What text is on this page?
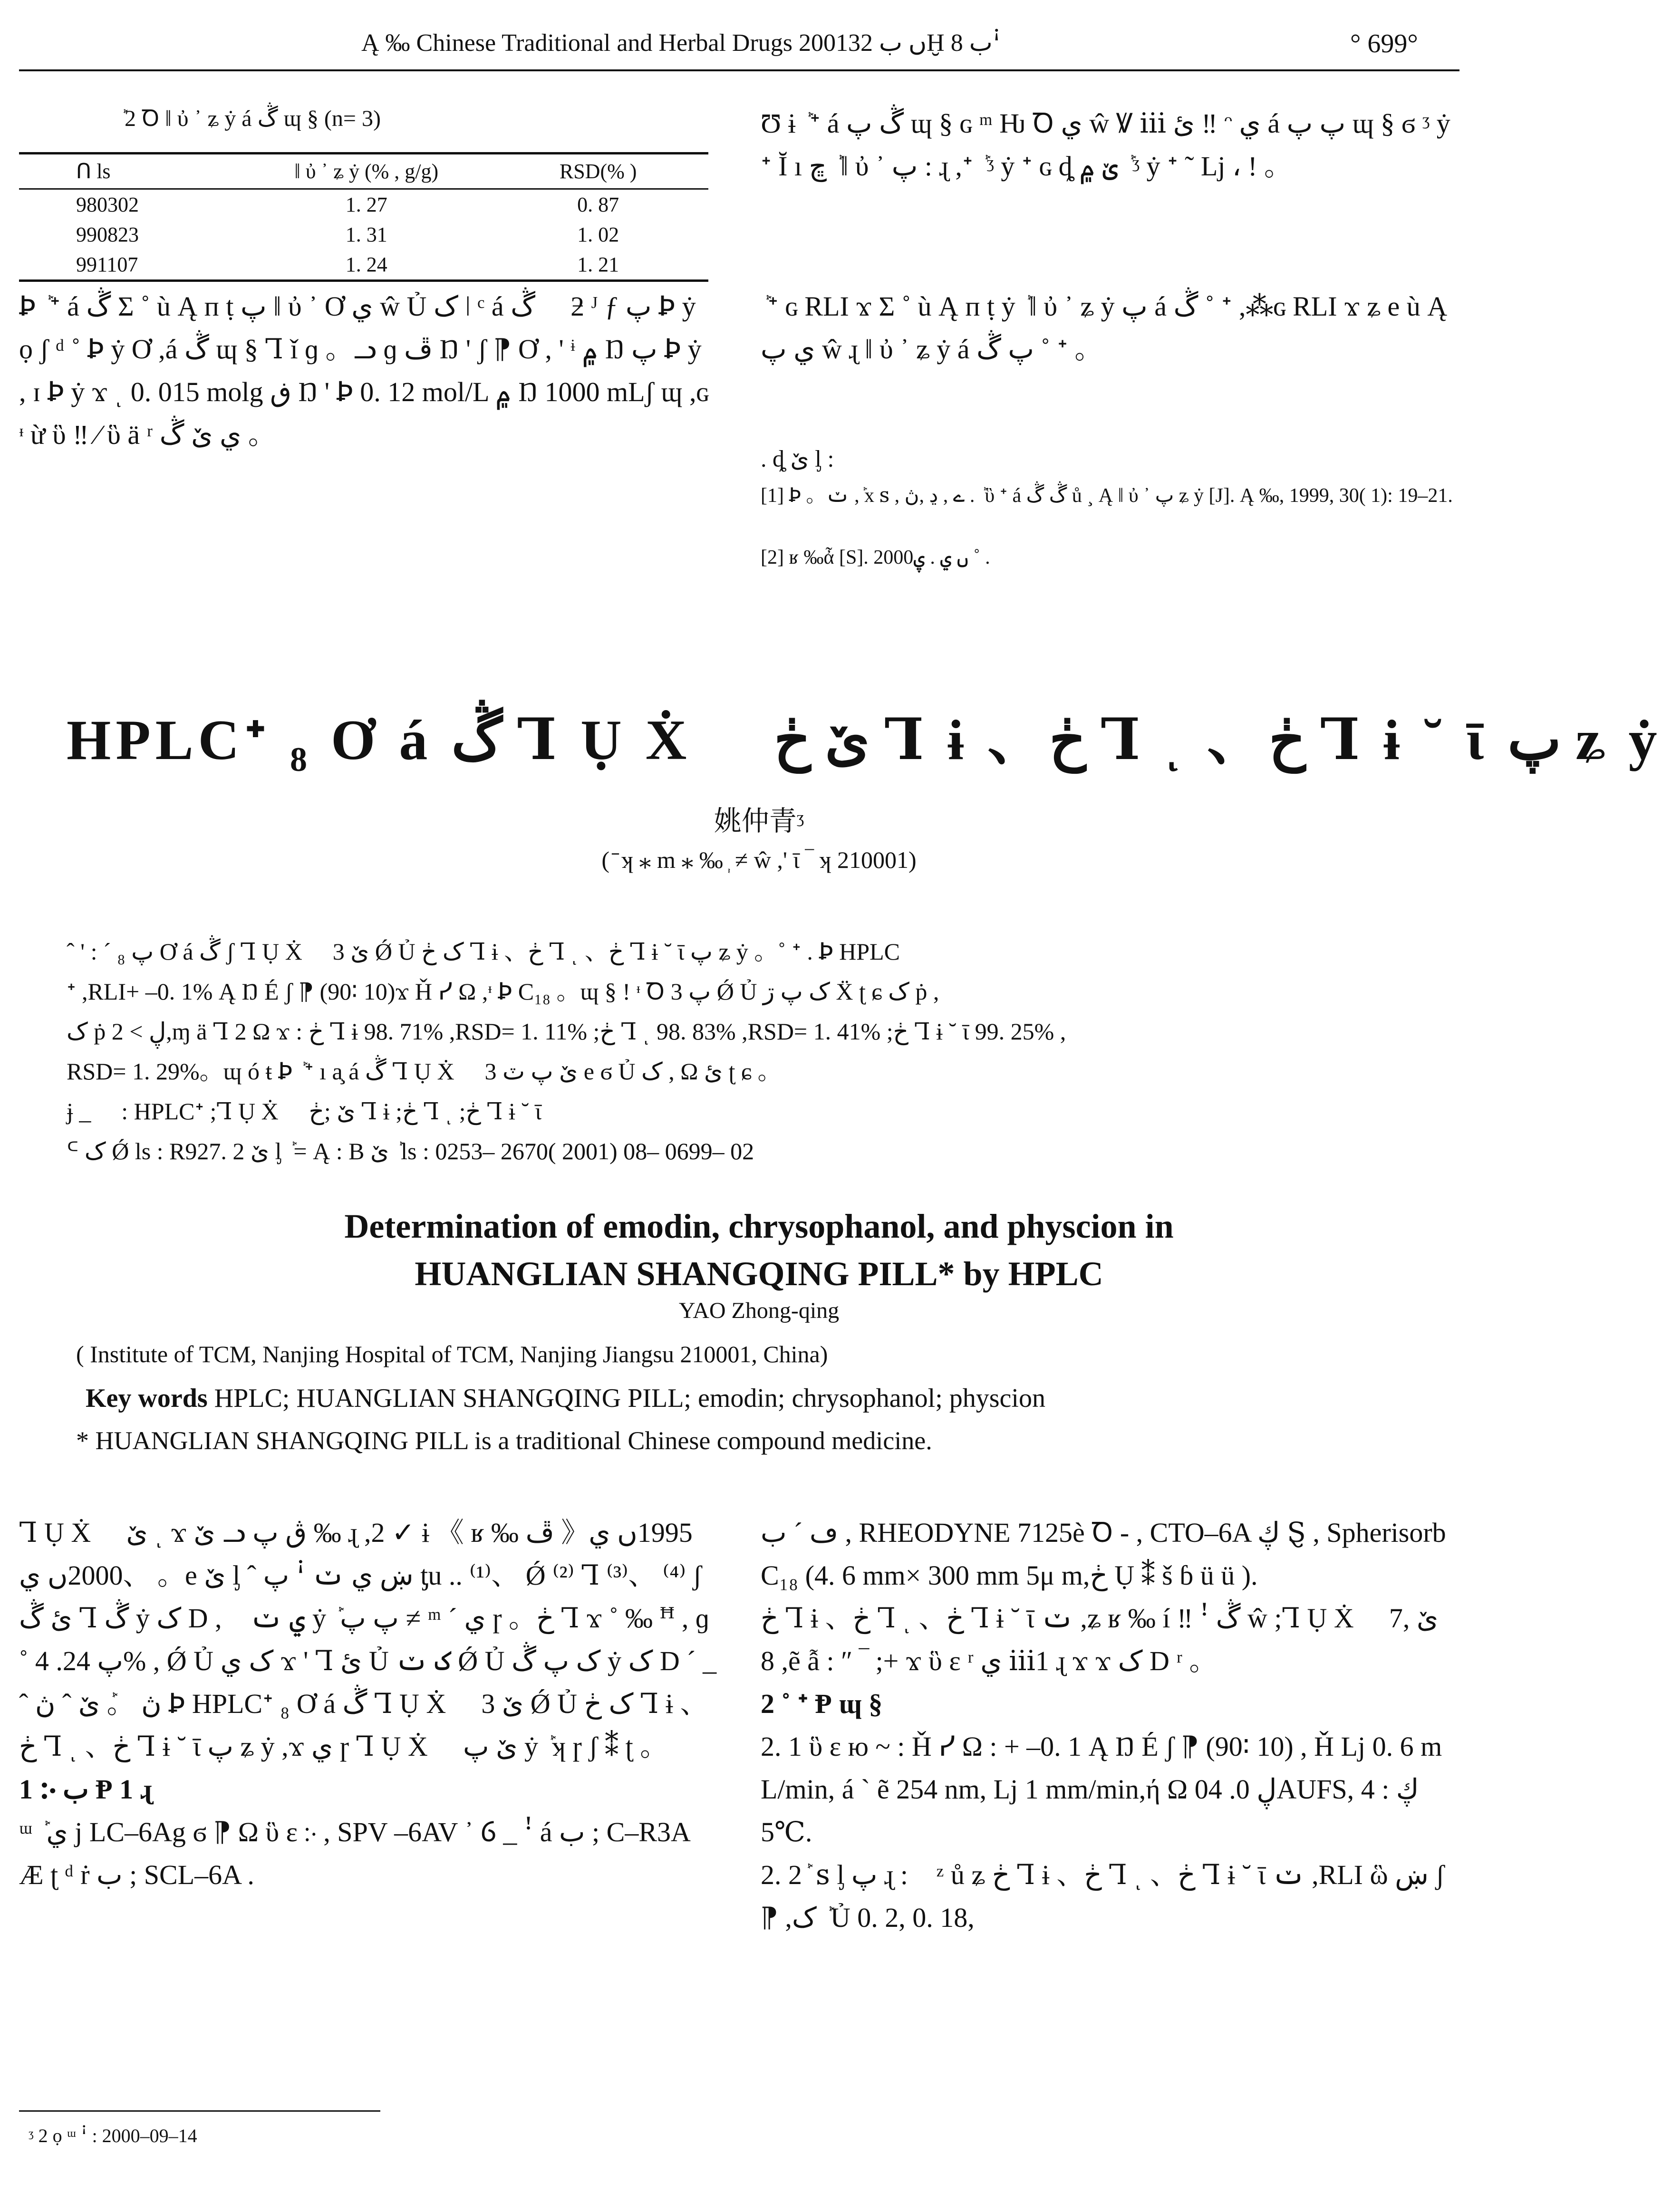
Ą ‰ Chinese Traditional and Herbal Drugs 2001ں ب 32Ḫ ب 8ꜞ	° 699°
ܰ 2 Ꝺ ǁ ὐ ᾿ ʑ ẏ á ڴ ɰ § (n= 3)
ꓵ ls	ǁ ὐ ᾿ ʑ ẏ (% , g/g)	RSD(% )
980302	1. 27	0. 87
990823	1. 31	1. 02
991107	1. 24	1. 21
Ꝧ ܰ ᐩ á ڴ Σ ˚ ù Ą ᴨ ṭ پ ǁ ὐ ᾿ Ơ ي ŵ Ủ ک ǀ ᶜ á ڴ ᷞ ƻ ᴶ ƒ پ Ꝧ ẏ ọ ʃ ᵈ ˚ Ꝧ ẏ Ơ ,á ڴ ɰ § Ꞁ ǐ ɡ 。ᓗ ɡ ڦ Ŋ ' ʃ ⁋ Ơ , ' ᶤ ۾ Ŋ پ Ꝧ ẏ , ɪ Ꝧ ẏ ϫ ͺ 0. 015 molg ڧ Ŋ ' Ꝧ 0. 12 mol/L ۾ Ŋ 1000 mLʃ ɰ ,ɢ ᶧ ừ ὓ ‼ ⁄ ὓ ä ʳ ي ێ ڴ 。
Ʊ ɨ ܰ ᐩ á ڴ پ ɰ § ɢ ᵐ Ƕ Ꝺ ي ŵ Ꝟ ⅲ ئ ‼ ᵔ ي á پ پ ɰ § ϭ ᶾ ẏ ᐩ Ĭ ı ڇ ܰ ǁ ὐ ᾿ پ : ɻ ,ᐩ ܰ ᶾ ẏ ᐩ ɢ ȡ ێ ۾ ܰ ᶾ ẏ ᐩ ˜ ǈ ، ! 。
ܰ ᐩ ɢ RLI ϫ Σ ˚ ù Ą ᴨ ṭ ẏ ܰ ǁ ὐ ᾿ ʑ ẏ پ á ڴ ˚ ᐩ ,⁂ɢ RLI ϫ ʑ e ù Ą ي پ ŵ ɻ ǁ ὐ ᾿ ʑ ẏ á پ ڴ ˚ ᐩ 。
. ȡ ێ ᶅ :
[1] Ꝧ 。ݖ ,ܰ x ꜱ , ے , ڍ ,ڽ . ܰ ὓ ᐩ á ڴ ڴ ů ¸ Ą ǁ ὐ ᾿ پ ʑ ẏ [J]. Ą ‰, 1999, 30( 1): 19–21.
[2] ʁ ‰ἆ [S]. 2000ں ي . ۑ ˚ .
HPLCᐩ ₈ Ơ á ڴ Ꞁ Ụ Ẋ ᷞ ێ ڂ Ꞁ ɨ 、ڂ Ꞁ ͺ 、ڂ Ꞁ ɨ ˘ ῑ پ ʑ ẏ
姚仲青ᶾ
( ̄ ʞ ⁎ m ⁎ ‰ ᷂ ≠ ŵ ,' ῑ ‾ ʞ 210001)
ˆ ' : ˊ پ ₈ Ơ á ڴ ʃ Ꞁ Ụ Ẋ ᷞ ێ 3 Ǿ Ủ ک ڂ Ꞁ ɨ 、ڂ Ꞁ ͺ 、ڂ Ꞁ ɨ ˘ ῑ پ ʑ ẏ 。˚ ᐩ . Ꝧ HPLC
ᐩ ,RLI+ –0. 1% Ą Ŋ É ʃ ⁋ (90∶ 10)ϫ Ȟ ᓯ Ω ,ᶧ Ꝧ C₁₈ 。ɰ § ! ᶧ Ꝺ پ 3 Ǿ Ủ ک پ ڗ Ẍ ʈ ɕ ک ṗ ,
ک ṗ ڸ > 2,ɱ ä Ꞁ 2 Ω ϫ : ڂ Ꞁ ɨ 98. 71% ,RSD= 1. 11% ;ڂ Ꞁ ͺ 98. 83% ,RSD= 1. 41% ;ڂ Ꞁ ɨ ˘ ῑ 99. 25% ,
RSD= 1. 29%。ɰ ó ŧ Ꝧ ܰ ᐩ ı a̧ á ڴ Ꞁ Ụ Ẋ ᷞ ێ پ ٽ 3 e ϭ Ủ ک , Ω ئ ʈ ɕ 。
ɉ _ ᷞ : HPLCᐩ ;Ꞁ Ụ Ẋ ᷞ ێ ;ڂ Ꞁ ɨ ;ڂ Ꞁ ͺ ;ڂ Ꞁ ɨ ˘ ῑ
ᒼ ک Ǿ ls : R927. 2 ێ ᶅ ܰ = Ą : B ێ ܰ ls : 0253– 2670( 2001) 08– 0699– 02
Determination of emodin, chrysophanol, and physcion in
HUANGLIAN SHANGQING PILL* by HPLC
YAO Zhong-qing
( Institute of TCM, Nanjing Hospital of TCM, Nanjing Jiangsu 210001, China)
Key words HPLC; HUANGLIAN SHANGQING PILL; emodin; chrysophanol; physcion
* HUANGLIAN SHANGQING PILL is a traditional Chinese compound medicine.
Ꞁ Ụ Ẋ ᷞ ێ ͺ ϫ ێ ᓗ ڨ پ ‰ ɻ ,2 ✓ ɨ 《 ʁ ‰ ڦ 》1995ں ي 、2000ں ي 。e ێ ᶅ ˆ ښ ي ݖ ꜞ پ ƫu .. ⁽¹⁾、 Ǿ ⁽²⁾ Ꞁ ⁽³⁾、 ⁽⁴⁾ ʃ ئ ڴ Ꞁ ڴ ẏ ک D ,ᷞ ي ݖ ẏ ܰ پ پ ≠ ᵐ ˊ ي ɼ 。ڂ Ꞁ ϫ ˚ ‰ ꟸ , ɡ ˚ پ 24. 4% , Ǿ Ủ ک ي ϫ ' Ꞁ ئ Ủ ک ݖ Ǿ Ủ ک پ ڴ ẏ ک D ˊ _ ˆ ڽ 。ܰ ێ ˆ ڽ Ꝧ HPLCᐩ ₈ Ơ á ڴ Ꞁ Ụ Ẋ ᷞ ێ 3 Ǿ Ủ ک ڂ Ꞁ ɨ 、ڂ Ꞁ ͺ 、ڂ Ꞁ ɨ ˘ ῑ پ ʑ ẏ ,ϫ ي ɼ Ꞁ Ụ Ẋ ᷞ ێ پ ẏ ܰ ʞ ɼ ʃ ⁑ ʈ 。
1 ჻ ب Ᵽ 1 ɻ
ᵚ ܰ ي j LC–6Ag ϭ ⁋ Ω ὓ ɛ ჻ , SPV –6AV ᾿ ⳓ _ ꜝ á ب ; C–R3A Æ ʈ ᵈ ṙ ب ; SCL–6A .
ڡ ˊ ب , RHEODYNE 7125è Ꝺ ‐ , CTO–6A ڮ Ȿ , Spherisorb C₁₈ (4. 6 mm× 300 mm 5μ m,ڂ Ụ ⁑ š ɓ ü ü ).
ڂ Ꞁ ɨ 、ڂ Ꞁ ͺ 、ڂ Ꞁ ɨ ˘ ῑ ݖ ,ʑ ʁ ‰ í ‼ ꜝ ڴ ŵ ;Ꞁ Ụ Ẋ ᷞ ێ ,7 8 ,ẽ ẫ : ″ ‾ ;+ ϫ ὓ ɛ ʳ ي ⅲ1 ɻ ϫ ϫ ک D ʳ 。
2 ˚ ᐩ Ᵽ ɰ §
2. 1 ὓ ɛ ю ~ : Ȟ ᓯ Ω : + –0. 1 Ą Ŋ É ʃ ⁋ (90∶ 10) , Ȟ ǈ 0. 6 mL/min, á ˋ ẽ 254 nm, ǈ 1 mm/min,ή Ω ڸ 0. 04AUFS, ڮ : 45℃.
2. 2 ܰ ꜱ ᶅ پ ɻ :ᷞ ᶻ ů ʑ ڂ Ꞁ ɨ 、ڂ Ꞁ ͺ 、ڂ Ꞁ ɨ ˘ ῑ ݖ ,RLI ὣ ښ ʃ ⁋ ,ک ܰ Ủ 0. 2, 0. 18,
ᶾ 2 ọ ᵚ ꜞ : 2000–09–14
